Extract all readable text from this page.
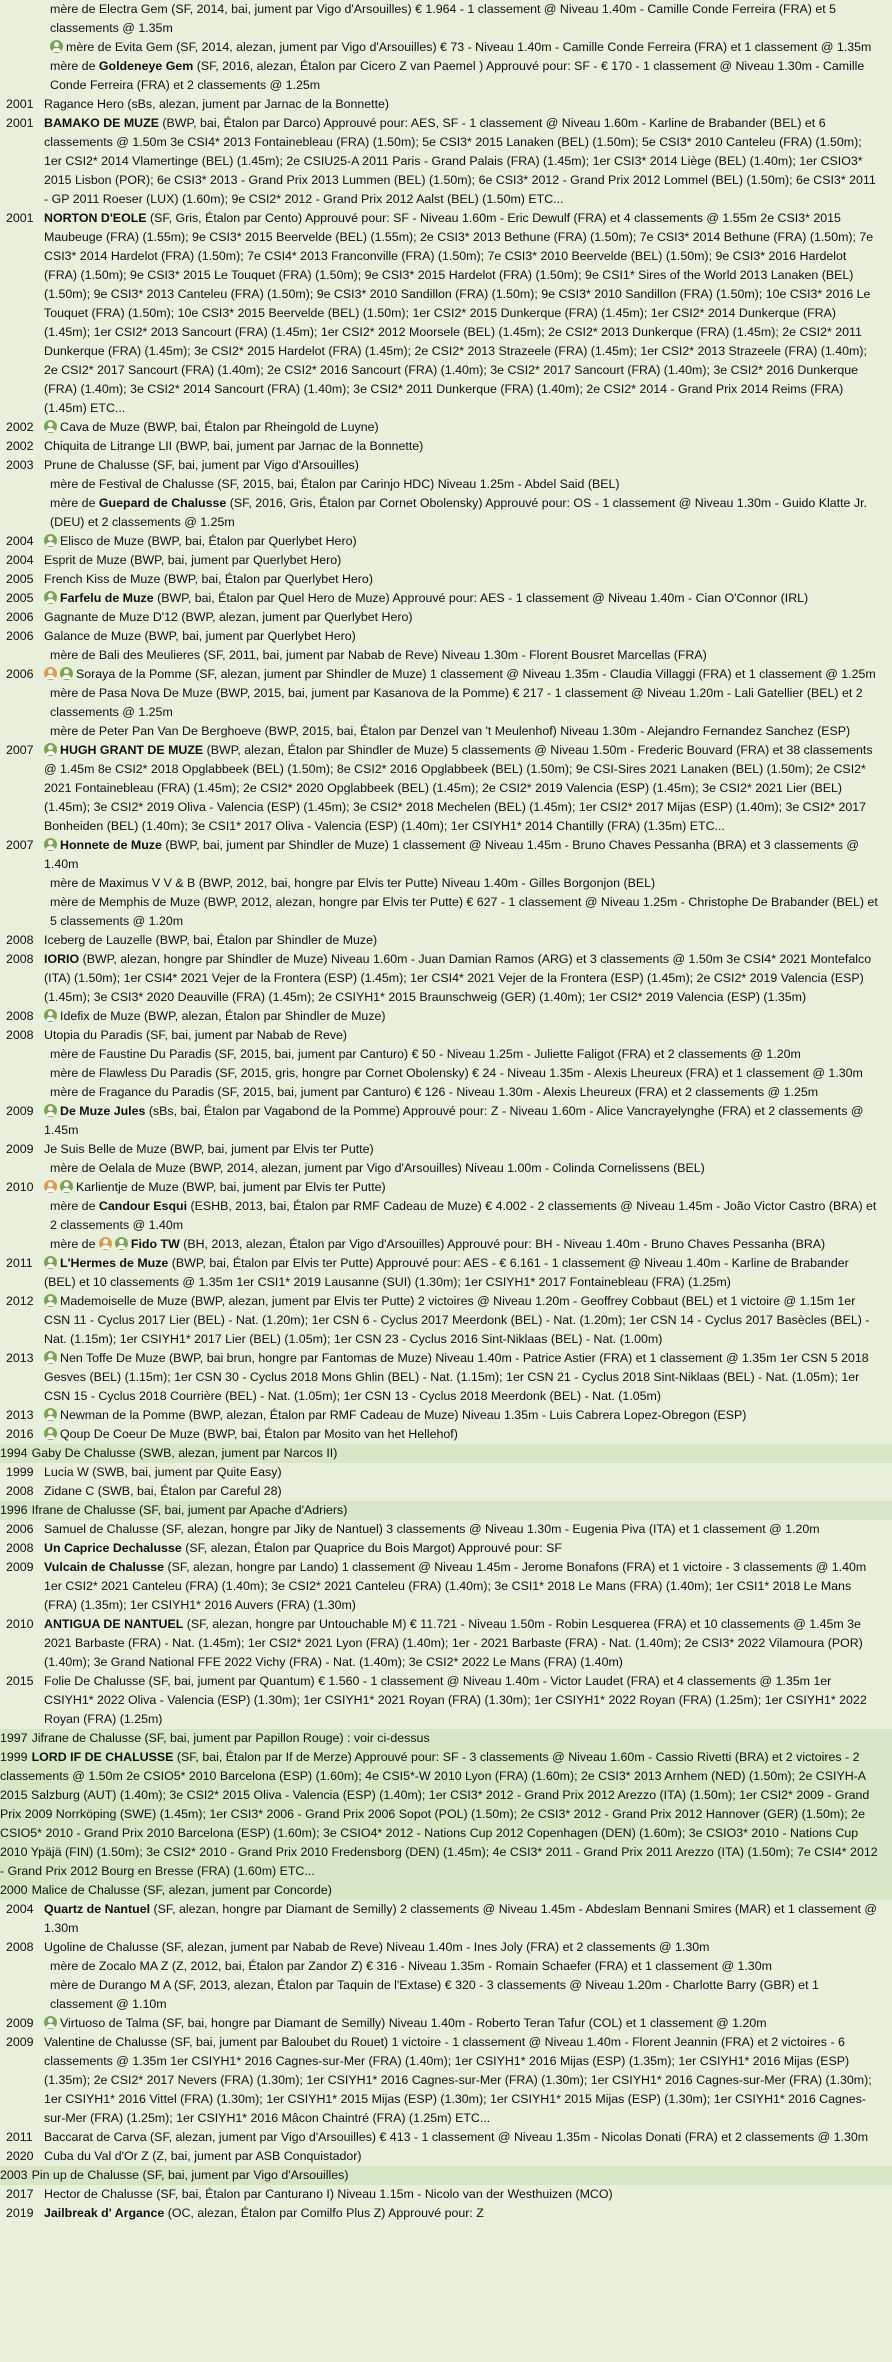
mère de Electra Gem (SF, 2014, bai, jument par Vigo d'Arsouilles) € 1.964 - 1 classement @ Niveau 1.40m - Camille Conde Ferreira (FRA) et 5 classements @ 1.35m
mère de Evita Gem (SF, 2014, alezan, jument par Vigo d'Arsouilles) € 73 - Niveau 1.40m - Camille Conde Ferreira (FRA) et 1 classement @ 1.35m
mère de Goldeneye Gem (SF, 2016, alezan, Étalon par Cicero Z van Paemel ) Approuvé pour: SF - € 170 - 1 classement @ Niveau 1.30m - Camille Conde Ferreira (FRA) et 2 classements @ 1.25m
2001 Ragance Hero (sBs, alezan, jument par Jarnac de la Bonnette)
2001 BAMAKO DE MUZE (BWP, bai, Étalon par Darco) Approuvé pour: AES, SF - 1 classement @ Niveau 1.60m - Karline de Brabander (BEL) et 6 classements @ 1.50m 3e CSI4* 2013 Fontainebleau (FRA) (1.50m); 5e CSI3* 2015 Lanaken (BEL) (1.50m); 5e CSI3* 2010 Canteleu (FRA) (1.50m); 1er CSI2* 2014 Vlamertinge (BEL) (1.45m); 2e CSIU25-A 2011 Paris - Grand Palais (FRA) (1.45m); 1er CSI3* 2014 Liège (BEL) (1.40m); 1er CSIO3* 2015 Lisbon (POR); 6e CSI3* 2013 - Grand Prix 2013 Lummen (BEL) (1.50m); 6e CSI3* 2012 - Grand Prix 2012 Lommel (BEL) (1.50m); 6e CSI3* 2011 - GP 2011 Roeser (LUX) (1.60m); 9e CSI2* 2012 - Grand Prix 2012 Aalst (BEL) (1.50m) ETC...
2001 NORTON D'EOLE (SF, Gris, Étalon par Cento) Approuvé pour: SF - Niveau 1.60m - Eric Dewulf (FRA) et 4 classements @ 1.55m 2e CSI3* 2015 Maubeuge (FRA) (1.55m); 9e CSI3* 2015 Beervelde (BEL) (1.55m); 2e CSI3* 2013 Bethune (FRA) (1.50m); 7e CSI3* 2014 Bethune (FRA) (1.50m); 7e CSI3* 2014 Hardelot (FRA) (1.50m); 7e CSI4* 2013 Franconville (FRA) (1.50m); 7e CSI3* 2010 Beervelde (BEL) (1.50m); 9e CSI3* 2016 Hardelot (FRA) (1.50m); 9e CSI3* 2015 Le Touquet (FRA) (1.50m); 9e CSI3* 2015 Hardelot (FRA) (1.50m); 9e CSI1* Sires of the World 2013 Lanaken (BEL) (1.50m); 9e CSI3* 2013 Canteleu (FRA) (1.50m); 9e CSI3* 2010 Sandillon (FRA) (1.50m); 9e CSI3* 2010 Sandillon (FRA) (1.50m); 10e CSI3* 2016 Le Touquet (FRA) (1.50m); 10e CSI3* 2015 Beervelde (BEL) (1.50m); 1er CSI2* 2015 Dunkerque (FRA) (1.45m); 1er CSI2* 2014 Dunkerque (FRA) (1.45m); 1er CSI2* 2013 Sancourt (FRA) (1.45m); 1er CSI2* 2012 Moorsele (BEL) (1.45m); 2e CSI2* 2013 Dunkerque (FRA) (1.45m); 2e CSI2* 2011 Dunkerque (FRA) (1.45m); 3e CSI2* 2015 Hardelot (FRA) (1.45m); 2e CSI2* 2013 Strazeele (FRA) (1.45m); 1er CSI2* 2013 Strazeele (FRA) (1.40m); 2e CSI2* 2017 Sancourt (FRA) (1.40m); 2e CSI2* 2016 Sancourt (FRA) (1.40m); 3e CSI2* 2017 Sancourt (FRA) (1.40m); 3e CSI2* 2016 Dunkerque (FRA) (1.40m); 3e CSI2* 2014 Sancourt (FRA) (1.40m); 3e CSI2* 2011 Dunkerque (FRA) (1.40m); 2e CSI2* 2014 - Grand Prix 2014 Reims (FRA) (1.45m) ETC...
2002	Cava de Muze (BWP, bai, Étalon par Rheingold de Luyne)
2002 Chiquita de Litrange LII (BWP, bai, jument par Jarnac de la Bonnette)
2003 Prune de Chalusse (SF, bai, jument par Vigo d'Arsouilles)
mère de Festival de Chalusse (SF, 2015, bai, Étalon par Carinjo HDC) Niveau 1.25m - Abdel Said (BEL)
mère de Guepard de Chalusse (SF, 2016, Gris, Étalon par Cornet Obolensky) Approuvé pour: OS - 1 classement @ Niveau 1.30m - Guido Klatte Jr. (DEU) et 2 classements @ 1.25m
2004	Elisco de Muze (BWP, bai, Étalon par Querlybet Hero)
2004 Esprit de Muze (BWP, bai, jument par Querlybet Hero)
2005 French Kiss de Muze (BWP, bai, Étalon par Querlybet Hero)
2005	Farfelu de Muze (BWP, bai, Étalon par Quel Hero de Muze) Approuvé pour: AES - 1 classement @ Niveau 1.40m - Cian O'Connor (IRL)
2006 Gagnante de Muze D'12 (BWP, alezan, jument par Querlybet Hero)
2006 Galance de Muze (BWP, bai, jument par Querlybet Hero)
mère de Bali des Meulieres (SF, 2011, bai, jument par Nabab de Reve) Niveau 1.30m - Florent Bousret Marcellas (FRA)
2006	Soraya de la Pomme (SF, alezan, jument par Shindler de Muze) 1 classement @ Niveau 1.35m - Claudia Villaggi (FRA) et 1 classement @ 1.25m
mère de Pasa Nova De Muze (BWP, 2015, bai, jument par Kasanova de la Pomme) € 217 - 1 classement @ Niveau 1.20m - Lali Gatellier (BEL) et 2 classements @ 1.25m
mère de Peter Pan Van De Berghoeve (BWP, 2015, bai, Étalon par Denzel van 't Meulenhof) Niveau 1.30m - Alejandro Fernandez Sanchez (ESP)
2007	HUGH GRANT DE MUZE (BWP, alezan, Étalon par Shindler de Muze) 5 classements @ Niveau 1.50m - Frederic Bouvard (FRA) et 38 classements @ 1.45m 8e CSI2* 2018 Opglabbeek (BEL) (1.50m); 8e CSI2* 2016 Opglabbeek (BEL) (1.50m); 9e CSI-Sires 2021 Lanaken (BEL) (1.50m); 2e CSI2* 2021 Fontainebleau (FRA) (1.45m); 2e CSI2* 2020 Opglabbeek (BEL) (1.45m); 2e CSI2* 2019 Valencia (ESP) (1.45m); 3e CSI2* 2021 Lier (BEL) (1.45m); 3e CSI2* 2019 Oliva - Valencia (ESP) (1.45m); 3e CSI2* 2018 Mechelen (BEL) (1.45m); 1er CSI2* 2017 Mijas (ESP) (1.40m); 3e CSI2* 2017 Bonheiden (BEL) (1.40m); 3e CSI1* 2017 Oliva - Valencia (ESP) (1.40m); 1er CSIYH1* 2014 Chantilly (FRA) (1.35m) ETC...
2007	Honnete de Muze (BWP, bai, jument par Shindler de Muze) 1 classement @ Niveau 1.45m - Bruno Chaves Pessanha (BRA) et 3 classements @ 1.40m
mère de Maximus V V & B (BWP, 2012, bai, hongre par Elvis ter Putte) Niveau 1.40m - Gilles Borgonjon (BEL)
mère de Memphis de Muze (BWP, 2012, alezan, hongre par Elvis ter Putte) € 627 - 1 classement @ Niveau 1.25m - Christophe De Brabander (BEL) et 5 classements @ 1.20m
2008 Iceberg de Lauzelle (BWP, bai, Étalon par Shindler de Muze)
2008 IORIO (BWP, alezan, hongre par Shindler de Muze) Niveau 1.60m - Juan Damian Ramos (ARG) et 3 classements @ 1.50m 3e CSI4* 2021 Montefalco (ITA) (1.50m); 1er CSI4* 2021 Vejer de la Frontera (ESP) (1.45m); 1er CSI4* 2021 Vejer de la Frontera (ESP) (1.45m); 2e CSI2* 2019 Valencia (ESP) (1.45m); 3e CSI3* 2020 Deauville (FRA) (1.45m); 2e CSIYH1* 2015 Braunschweig (GER) (1.40m); 1er CSI2* 2019 Valencia (ESP) (1.35m)
2008	Idefix de Muze (BWP, alezan, Étalon par Shindler de Muze)
2008 Utopia du Paradis (SF, bai, jument par Nabab de Reve)
mère de Faustine Du Paradis (SF, 2015, bai, jument par Canturo) € 50 - Niveau 1.25m - Juliette Faligot (FRA) et 2 classements @ 1.20m
mère de Flawless Du Paradis (SF, 2015, gris, hongre par Cornet Obolensky) € 24 - Niveau 1.35m - Alexis Lheureux (FRA) et 1 classement @ 1.30m
mère de Fragance du Paradis (SF, 2015, bai, jument par Canturo) € 126 - Niveau 1.30m - Alexis Lheureux (FRA) et 2 classements @ 1.25m
2009	De Muze Jules (sBs, bai, Étalon par Vagabond de la Pomme) Approuvé pour: Z - Niveau 1.60m - Alice Vancrayelynghe (FRA) et 2 classements @ 1.45m
2009 Je Suis Belle de Muze (BWP, bai, jument par Elvis ter Putte)
mère de Oelala de Muze (BWP, 2014, alezan, jument par Vigo d'Arsouilles) Niveau 1.00m - Colinda Cornelissens (BEL)
2010	Karlientje de Muze (BWP, bai, jument par Elvis ter Putte)
mère de Candour Esqui (ESHB, 2013, bai, Étalon par RMF Cadeau de Muze) € 4.002 - 2 classements @ Niveau 1.45m - João Victor Castro (BRA) et 2 classements @ 1.40m
mère de	Fido TW (BH, 2013, alezan, Étalon par Vigo d'Arsouilles) Approuvé pour: BH - Niveau 1.40m - Bruno Chaves Pessanha (BRA)
2011	L'Hermes de Muze (BWP, bai, Étalon par Elvis ter Putte) Approuvé pour: AES - € 6.161 - 1 classement @ Niveau 1.40m - Karline de Brabander (BEL) et 10 classements @ 1.35m 1er CSI1* 2019 Lausanne (SUI) (1.30m); 1er CSIYH1* 2017 Fontainebleau (FRA) (1.25m)
2012	Mademoiselle de Muze (BWP, alezan, jument par Elvis ter Putte) 2 victoires @ Niveau 1.20m - Geoffrey Cobbaut (BEL) et 1 victoire @ 1.15m 1er CSN 11 - Cyclus 2017 Lier (BEL) - Nat. (1.20m); 1er CSN 6 - Cyclus 2017 Meerdonk (BEL) - Nat. (1.20m); 1er CSN 14 - Cyclus 2017 Basècles (BEL) - Nat. (1.15m); 1er CSIYH1* 2017 Lier (BEL) (1.05m); 1er CSN 23 - Cyclus 2016 Sint-Niklaas (BEL) - Nat. (1.00m)
2013	Nen Toffe De Muze (BWP, bai brun, hongre par Fantomas de Muze) Niveau 1.40m - Patrice Astier (FRA) et 1 classement @ 1.35m 1er CSN 5 2018 Gesves (BEL) (1.15m); 1er CSN 30 - Cyclus 2018 Mons Ghlin (BEL) - Nat. (1.15m); 1er CSN 21 - Cyclus 2018 Sint-Niklaas (BEL) - Nat. (1.05m); 1er CSN 15 - Cyclus 2018 Courrière (BEL) - Nat. (1.05m); 1er CSN 13 - Cyclus 2018 Meerdonk (BEL) - Nat. (1.05m)
2013	Newman de la Pomme (BWP, alezan, Étalon par RMF Cadeau de Muze) Niveau 1.35m - Luis Cabrera Lopez-Obregon (ESP)
2016	Qoup De Coeur De Muze (BWP, bai, Étalon par Mosito van het Hellehof)
1994 Gaby De Chalusse (SWB, alezan, jument par Narcos II)
1999 Lucia W (SWB, bai, jument par Quite Easy)
2008 Zidane C (SWB, bai, Étalon par Careful 28)
1996 Ifrane de Chalusse (SF, bai, jument par Apache d'Adriers)
2006 Samuel de Chalusse (SF, alezan, hongre par Jiky de Nantuel) 3 classements @ Niveau 1.30m - Eugenia Piva (ITA) et 1 classement @ 1.20m
2008 Un Caprice Dechalusse (SF, alezan, Étalon par Quaprice du Bois Margot) Approuvé pour: SF
2009 Vulcain de Chalusse (SF, alezan, hongre par Lando) 1 classement @ Niveau 1.45m - Jerome Bonafons (FRA) et 1 victoire - 3 classements @ 1.40m 1er CSI2* 2021 Canteleu (FRA) (1.40m); 3e CSI2* 2021 Canteleu (FRA) (1.40m); 3e CSI1* 2018 Le Mans (FRA) (1.40m); 1er CSI1* 2018 Le Mans (FRA) (1.35m); 1er CSIYH1* 2016 Auvers (FRA) (1.30m)
2010 ANTIGUA DE NANTUEL (SF, alezan, hongre par Untouchable M) € 11.721 - Niveau 1.50m - Robin Lesquerea (FRA) et 10 classements @ 1.45m 3e 2021 Barbaste (FRA) - Nat. (1.45m); 1er CSI2* 2021 Lyon (FRA) (1.40m); 1er - 2021 Barbaste (FRA) - Nat. (1.40m); 2e CSI3* 2022 Vilamoura (POR) (1.40m); 3e Grand National FFE 2022 Vichy (FRA) - Nat. (1.40m); 3e CSI2* 2022 Le Mans (FRA) (1.40m)
2015 Folie De Chalusse (SF, bai, jument par Quantum) € 1.560 - 1 classement @ Niveau 1.40m - Victor Laudet (FRA) et 4 classements @ 1.35m 1er CSIYH1* 2022 Oliva - Valencia (ESP) (1.30m); 1er CSIYH1* 2021 Royan (FRA) (1.30m); 1er CSIYH1* 2022 Royan (FRA) (1.25m); 1er CSIYH1* 2022 Royan (FRA) (1.25m)
1997 Jifrane de Chalusse (SF, bai, jument par Papillon Rouge) : voir ci-dessus
1999 LORD IF DE CHALUSSE (SF, bai, Étalon par If de Merze) Approuvé pour: SF - 3 classements @ Niveau 1.60m - Cassio Rivetti (BRA) et 2 victoires - 2 classements @ 1.50m 2e CSIO5* 2010 Barcelona (ESP) (1.60m); 4e CSI5*-W 2010 Lyon (FRA) (1.60m); 2e CSI3* 2013 Arnhem (NED) (1.50m); 2e CSIYH-A 2015 Salzburg (AUT) (1.40m); 3e CSI2* 2015 Oliva - Valencia (ESP) (1.40m); 1er CSI3* 2012 - Grand Prix 2012 Arezzo (ITA) (1.50m); 1er CSI2* 2009 - Grand Prix 2009 Norrköping (SWE) (1.45m); 1er CSI3* 2006 - Grand Prix 2006 Sopot (POL) (1.50m); 2e CSI3* 2012 - Grand Prix 2012 Hannover (GER) (1.50m); 2e CSIO5* 2010 - Grand Prix 2010 Barcelona (ESP) (1.60m); 3e CSIO4* 2012 - Nations Cup 2012 Copenhagen (DEN) (1.60m); 3e CSIO3* 2010 - Nations Cup 2010 Ypäjä (FIN) (1.50m); 3e CSI2* 2010 - Grand Prix 2010 Fredensborg (DEN) (1.45m); 4e CSI3* 2011 - Grand Prix 2011 Arezzo (ITA) (1.50m); 7e CSI4* 2012 - Grand Prix 2012 Bourg en Bresse (FRA) (1.60m) ETC...
2000 Malice de Chalusse (SF, alezan, jument par Concorde)
2004 Quartz de Nantuel (SF, alezan, hongre par Diamant de Semilly) 2 classements @ Niveau 1.45m - Abdeslam Bennani Smires (MAR) et 1 classement @ 1.30m
2008 Ugoline de Chalusse (SF, alezan, jument par Nabab de Reve) Niveau 1.40m - Ines Joly (FRA) et 2 classements @ 1.30m
mère de Zocalo MA Z (Z, 2012, bai, Étalon par Zandor Z) € 316 - Niveau 1.35m - Romain Schaefer (FRA) et 1 classement @ 1.30m
mère de Durango M A (SF, 2013, alezan, Étalon par Taquin de l'Extase) € 320 - 3 classements @ Niveau 1.20m - Charlotte Barry (GBR) et 1 classement @ 1.10m
2009	Virtuoso de Talma (SF, bai, hongre par Diamant de Semilly) Niveau 1.40m - Roberto Teran Tafur (COL) et 1 classement @ 1.20m
2009 Valentine de Chalusse (SF, bai, jument par Baloubet du Rouet) 1 victoire - 1 classement @ Niveau 1.40m - Florent Jeannin (FRA) et 2 victoires - 6 classements @ 1.35m 1er CSIYH1* 2016 Cagnes-sur-Mer (FRA) (1.40m); 1er CSIYH1* 2016 Mijas (ESP) (1.35m); 1er CSIYH1* 2016 Mijas (ESP) (1.35m); 2e CSI2* 2017 Nevers (FRA) (1.30m); 1er CSIYH1* 2016 Cagnes-sur-Mer (FRA) (1.30m); 1er CSIYH1* 2016 Cagnes-sur-Mer (FRA) (1.30m); 1er CSIYH1* 2016 Vittel (FRA) (1.30m); 1er CSIYH1* 2015 Mijas (ESP) (1.30m); 1er CSIYH1* 2015 Mijas (ESP) (1.30m); 1er CSIYH1* 2016 Cagnes-sur-Mer (FRA) (1.25m); 1er CSIYH1* 2016 Mâcon Chaintré (FRA) (1.25m) ETC...
2011 Baccarat de Carva (SF, alezan, jument par Vigo d'Arsouilles) € 413 - 1 classement @ Niveau 1.35m - Nicolas Donati (FRA) et 2 classements @ 1.30m
2020 Cuba du Val d'Or Z (Z, bai, jument par ASB Conquistador)
2003 Pin up de Chalusse (SF, bai, jument par Vigo d'Arsouilles)
2017 Hector de Chalusse (SF, bai, Étalon par Canturano I) Niveau 1.15m - Nicolo van der Westhuizen (MCO)
2019 Jailbreak d' Argance (OC, alezan, Étalon par Comilfo Plus Z) Approuvé pour: Z
